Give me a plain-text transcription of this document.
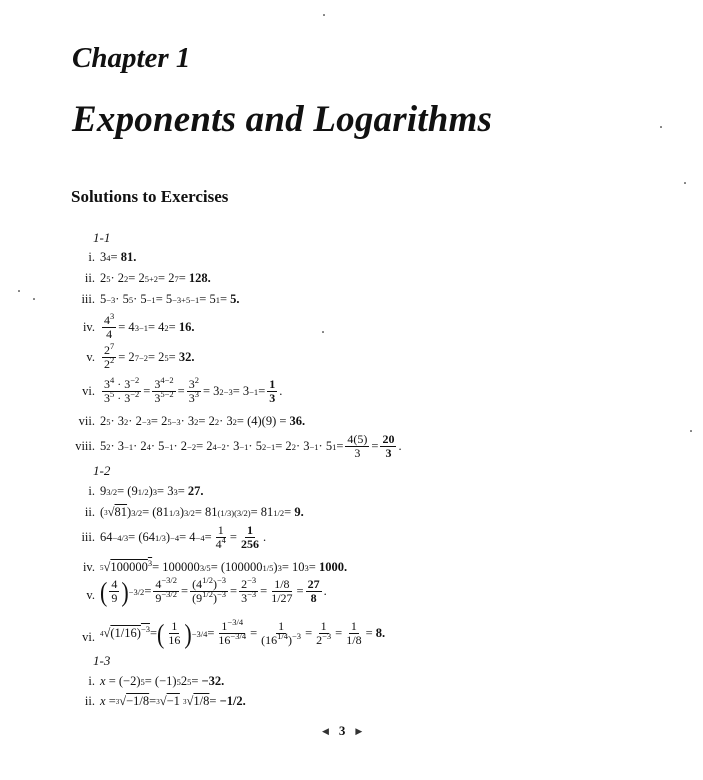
Chapter 1
Exponents and Logarithms
Solutions to Exercises
1-1
i. 3 4 = 81.
ii. 2 5 · 2 2 = 2 5+2 = 2 7 = 128.
iii. 5 −3 · 5 5 · 5 −1 = 5 −3+5−1 = 5 1 = 5.
iv. $\frac{4^3}{4} = 4$ 3−1 = 4 2 = 16.
v. $\frac{2^7}{2^2} = 2$ 7−2 = 2 5 = 32.
vi. $\frac{3^4 \cdot 3^{-2}}{3^5 \cdot 3^{-2}} = \frac{3^{4-2}}{3^{5-2}} = \frac{3^2}{3^3} = 3$ $2-3 = 3 -1 = \frac{1}{3}$ .
vii. 2 5 · 3 2 · 2 −3 = 2 5−3 · 3 2 = 2 2 · 3 2 = (4)(9) = 36.
viii. 5 2 · 3 −1 · 2 4 · 5 −1 · 2 −2 = 2 4−2 · 3 −1 · 5 2−1 = 2 2 · 3 −1 · 5 $1 = \frac{4(5)}{3} = \frac{20}{3}$ .
1-2
i. 9 3/2 = (9 1/2 ) 3 = 3 3 = 27.
ii. ( 3 √ 81 ) 3/2 = (81 1/3 ) 3/2 = 81 (1/3)(3/2) = 81 1/2 = 9.
iii. 64 −4/3 = (64 1/3 ) $-4 = 4 -4 = \frac{1}{4^4} = \frac{1}{256}$ .
iv. 5 √ $100000^3 = 100000$ 3/5 = (100000 1/5 ) 3 = 10 3 = 1000.
v. ( $\frac{4}{9}$ ) $-3/2 = \frac{4^{-3/2}}{9^{-3/2}} = \frac{(4^{1/2})^{-3}}{(9^{1/2})^{-3}} = \frac{2^{-3}}{3^{-3}} = \frac{1/8}{1/27} = \frac{27}{8}$ .
vi. 4 √ $(1/16)^{-3}$ = ( $\frac{1}{16}$ ) $-3/4 = \frac{1^{-3/4}}{16^{-3/4}} = \frac{1}{(16^{1/4})^{-3}} = \frac{1}{2^{-3}} = \frac{1}{1/8} = 8$.
1-3
i. x = (−2) 5 = (−1) 5 2 5 = −32.
ii. x = 3 √ −1/8 = 3 √ −1
3 √ 1/8 = −1/2.
◀ 3 ▶
